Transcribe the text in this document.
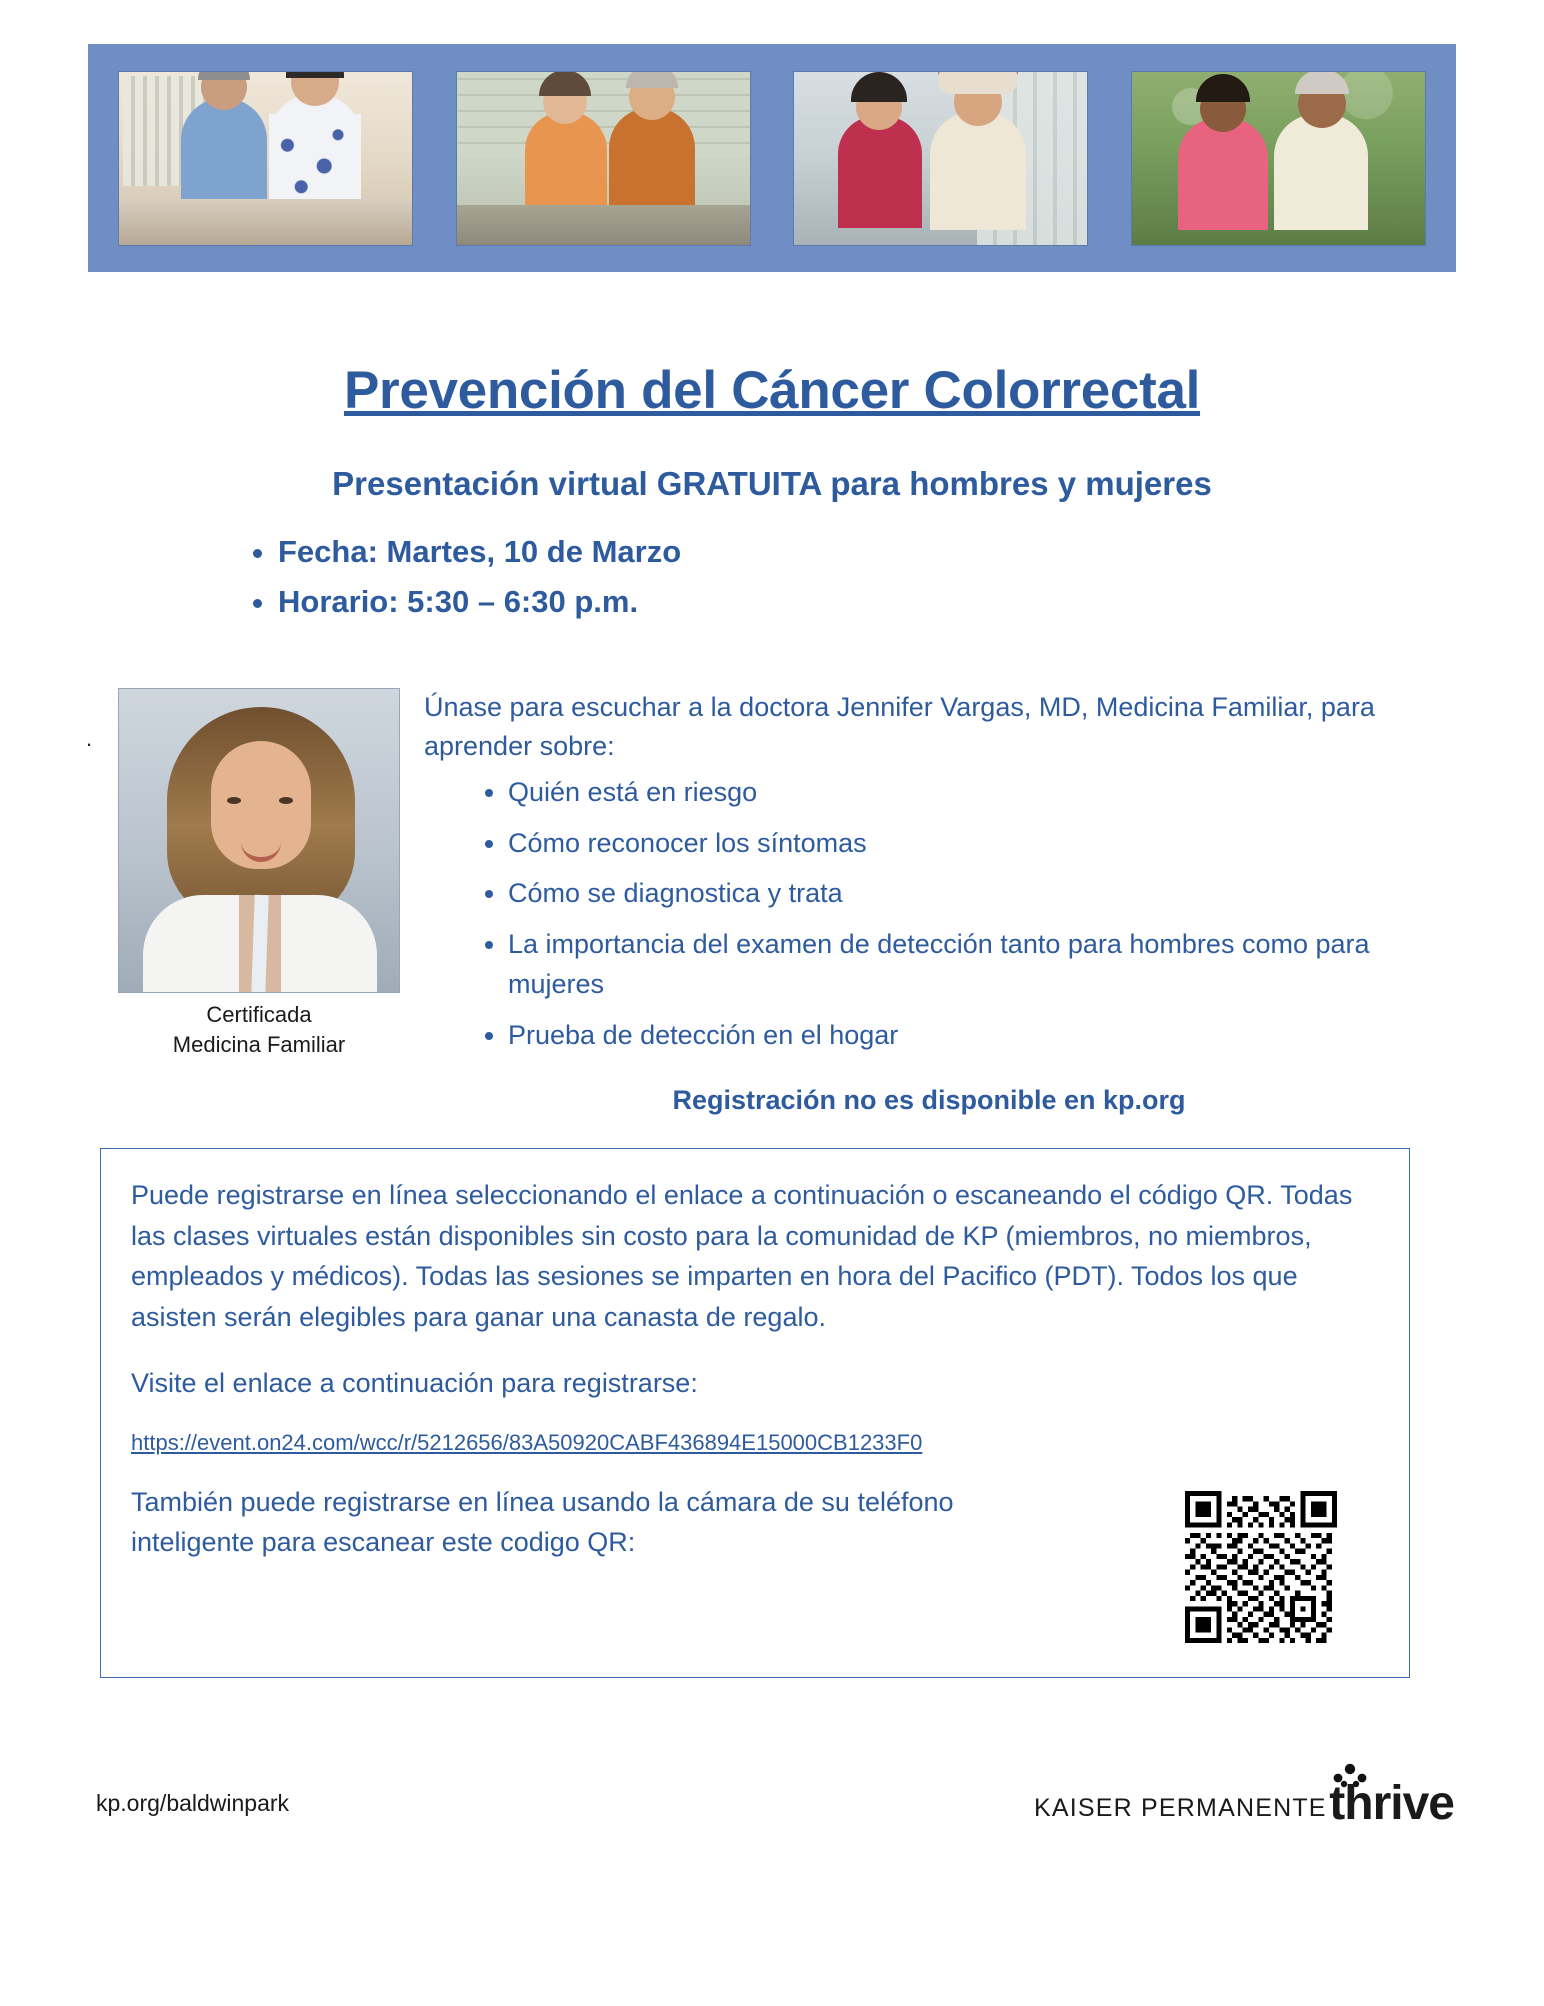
Prevención del Cáncer Colorrectal
Presentación virtual GRATUITA para hombres y mujeres
• Fecha: Martes, 10 de Marzo
• Horario: 5:30 – 6:30 p.m.
.
Certificada
Medicina Familiar
Únase para escuchar a la doctora Jennifer Vargas, MD, Medicina Familiar, para aprender sobre:
• Quién está en riesgo
• Cómo reconocer los síntomas
• Cómo se diagnostica y trata
• La importancia del examen de detección tanto para hombres como para mujeres
• Prueba de detección en el hogar
Registración no es disponible en kp.org

Puede registrarse en línea seleccionando el enlace a continuación o escaneando el código QR. Todas las clases virtuales están disponibles sin costo para la comunidad de KP (miembros, no miembros, empleados y médicos). Todas las sesiones se imparten en hora del Pacifico (PDT). Todos los que asisten serán elegibles para ganar una canasta de regalo.

Visite el enlace a continuación para registrarse:

https://event.on24.com/wcc/r/5212656/83A50920CABF436894E15000CB1233F0

También puede registrarse en línea usando la cámara de su teléfono inteligente para escanear este codigo QR:

kp.org/baldwinpark	KAISER PERMANENTE thrive
